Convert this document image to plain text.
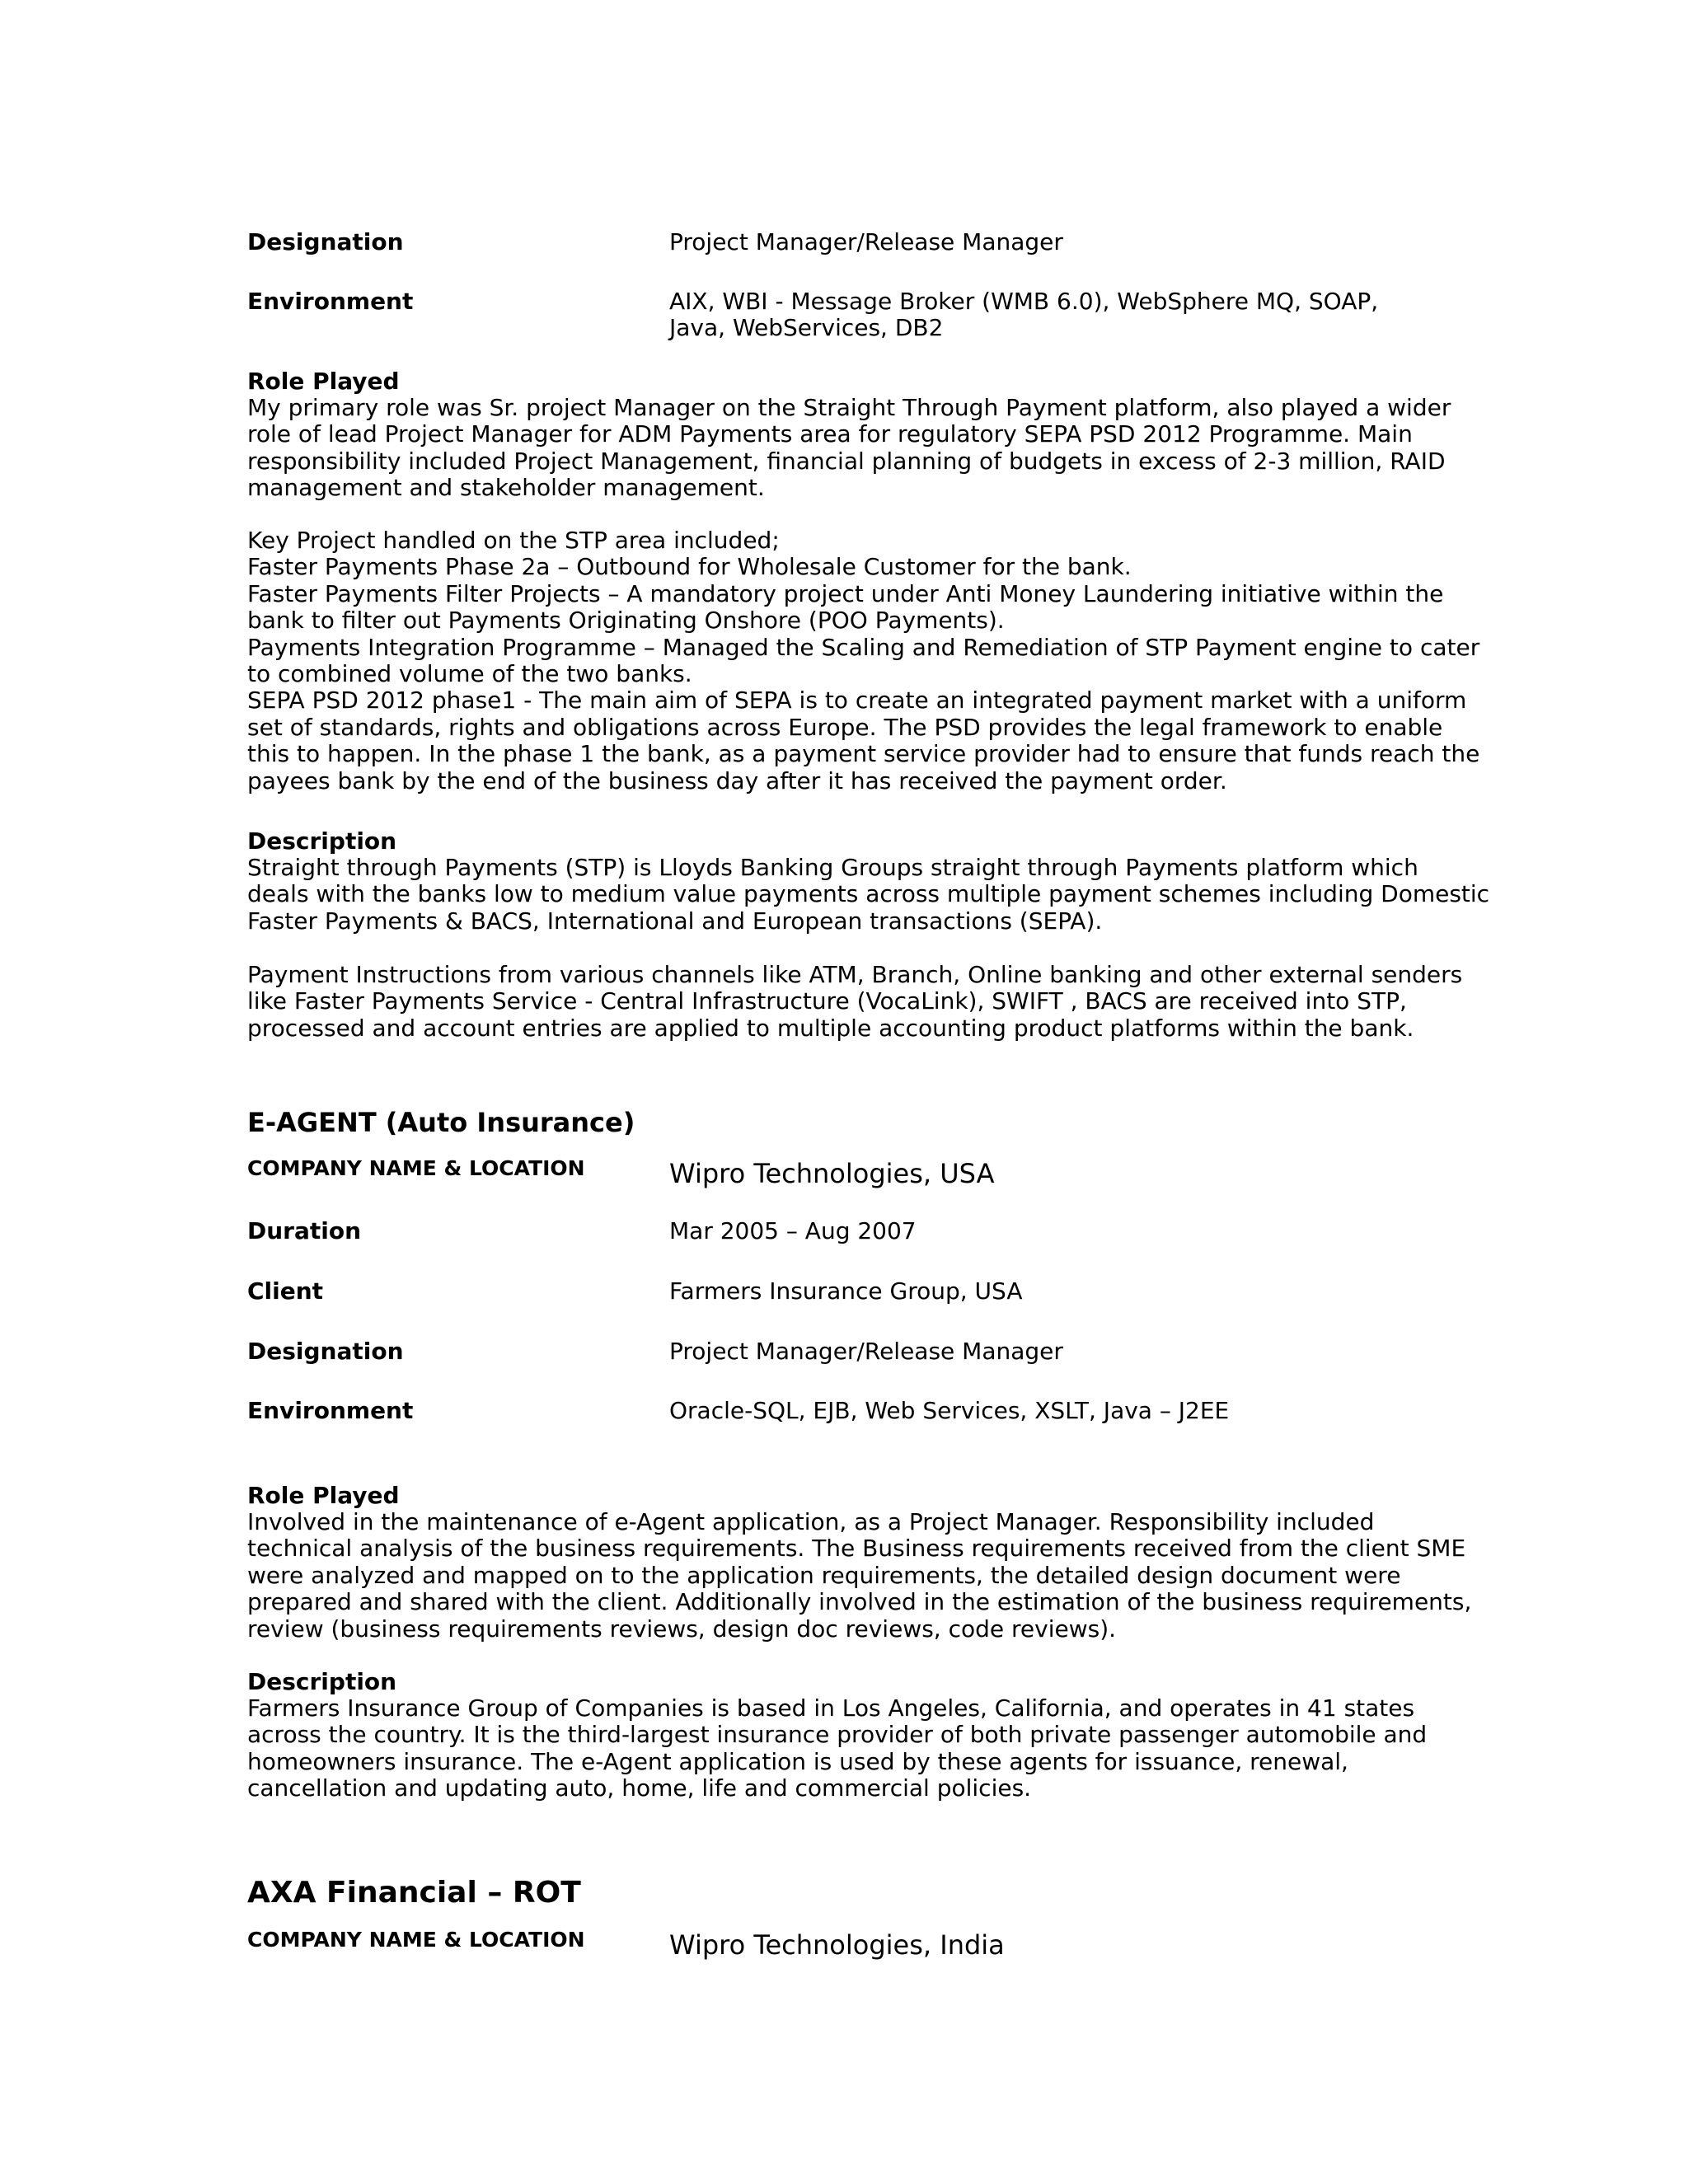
Designation	Project Manager/Release Manager
Environment	AIX, WBI - Message Broker (WMB 6.0), WebSphere MQ, SOAP,
Java, WebServices, DB2

Role Played

My primary role was Sr. project Manager on the Straight Through Payment platform, also played a wider
role of lead Project Manager for ADM Payments area for regulatory SEPA PSD 2012 Programme. Main
responsibility included Project Management, financial planning of budgets in excess of 2-3 million, RAID
management and stakeholder management.

Key Project handled on the STP area included;
Faster Payments Phase 2a – Outbound for Wholesale Customer for the bank.
Faster Payments Filter Projects – A mandatory project under Anti Money Laundering initiative within the
bank to filter out Payments Originating Onshore (POO Payments).
Payments Integration Programme – Managed the Scaling and Remediation of STP Payment engine to cater
to combined volume of the two banks.
SEPA PSD 2012 phase1 - The main aim of SEPA is to create an integrated payment market with a uniform
set of standards, rights and obligations across Europe. The PSD provides the legal framework to enable
this to happen. In the phase 1 the bank, as a payment service provider had to ensure that funds reach the
payees bank by the end of the business day after it has received the payment order.

Description

Straight through Payments (STP) is Lloyds Banking Groups straight through Payments platform which
deals with the banks low to medium value payments across multiple payment schemes including Domestic
Faster Payments & BACS, International and European transactions (SEPA).

Payment Instructions from various channels like ATM, Branch, Online banking and other external senders
like Faster Payments Service - Central Infrastructure (VocaLink), SWIFT , BACS are received into STP,
processed and account entries are applied to multiple accounting product platforms within the bank.

E-AGENT (Auto Insurance)
COMPANY NAME & LOCATION	Wipro Technologies, USA
Duration	Mar 2005 – Aug 2007
Client	Farmers Insurance Group, USA
Designation	Project Manager/Release Manager
Environment	Oracle-SQL, EJB, Web Services, XSLT, Java – J2EE

Role Played

Involved in the maintenance of e-Agent application, as a Project Manager. Responsibility included
technical analysis of the business requirements. The Business requirements received from the client SME
were analyzed and mapped on to the application requirements, the detailed design document were
prepared and shared with the client. Additionally involved in the estimation of the business requirements,
review (business requirements reviews, design doc reviews, code reviews).

Description

Farmers Insurance Group of Companies is based in Los Angeles, California, and operates in 41 states
across the country. It is the third-largest insurance provider of both private passenger automobile and
homeowners insurance. The e-Agent application is used by these agents for issuance, renewal,
cancellation and updating auto, home, life and commercial policies.

AXA Financial – ROT
COMPANY NAME & LOCATION	Wipro Technologies, India
